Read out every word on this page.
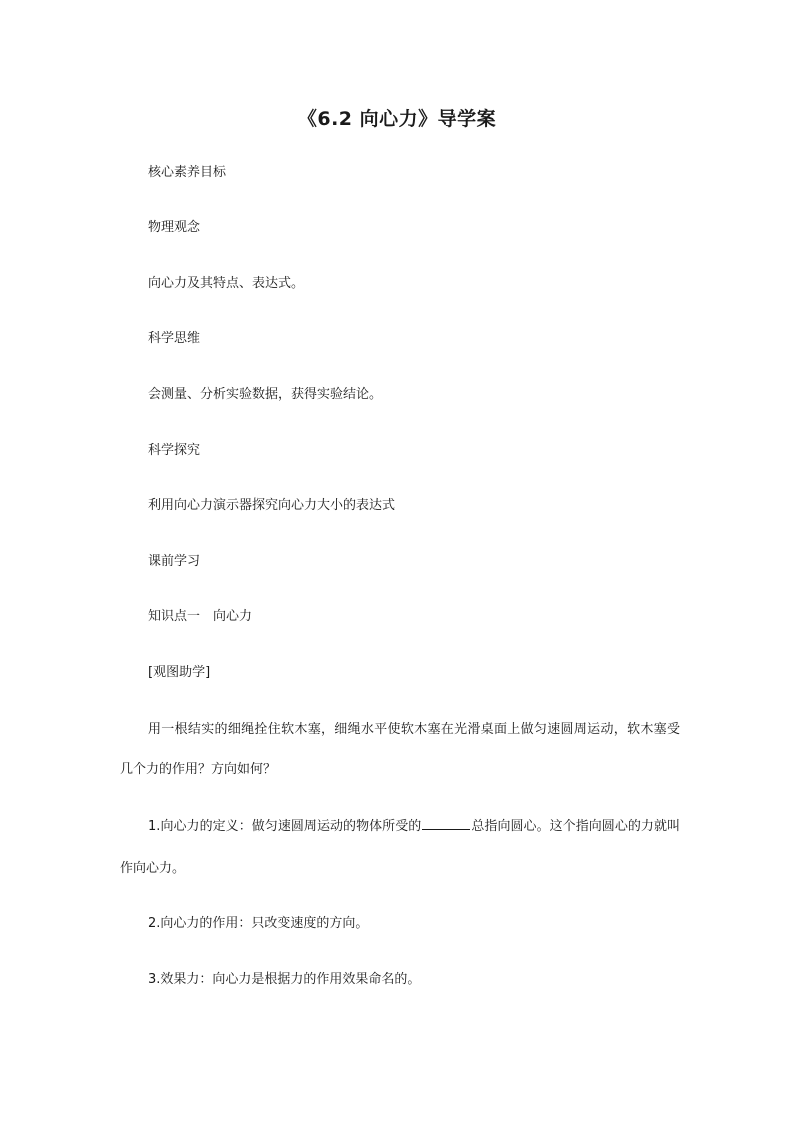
《6.2 向心力》导学案
核心素养目标
物理观念
向心力及其特点、表达式。
科学思维
会测量、分析实验数据，获得实验结论。
科学探究
利用向心力演示器探究向心力大小的表达式
课前学习
知识点一　向心力
[观图助学]
用一根结实的细绳拴住软木塞，细绳水平使软木塞在光滑桌面上做匀速圆周运动，软木塞受几个力的作用？方向如何？
1.向心力的定义：做匀速圆周运动的物体所受的	总指向圆心。这个指向圆心的力就叫作向心力。
2.向心力的作用：只改变速度的方向。
3.效果力：向心力是根据力的作用效果命名的。
